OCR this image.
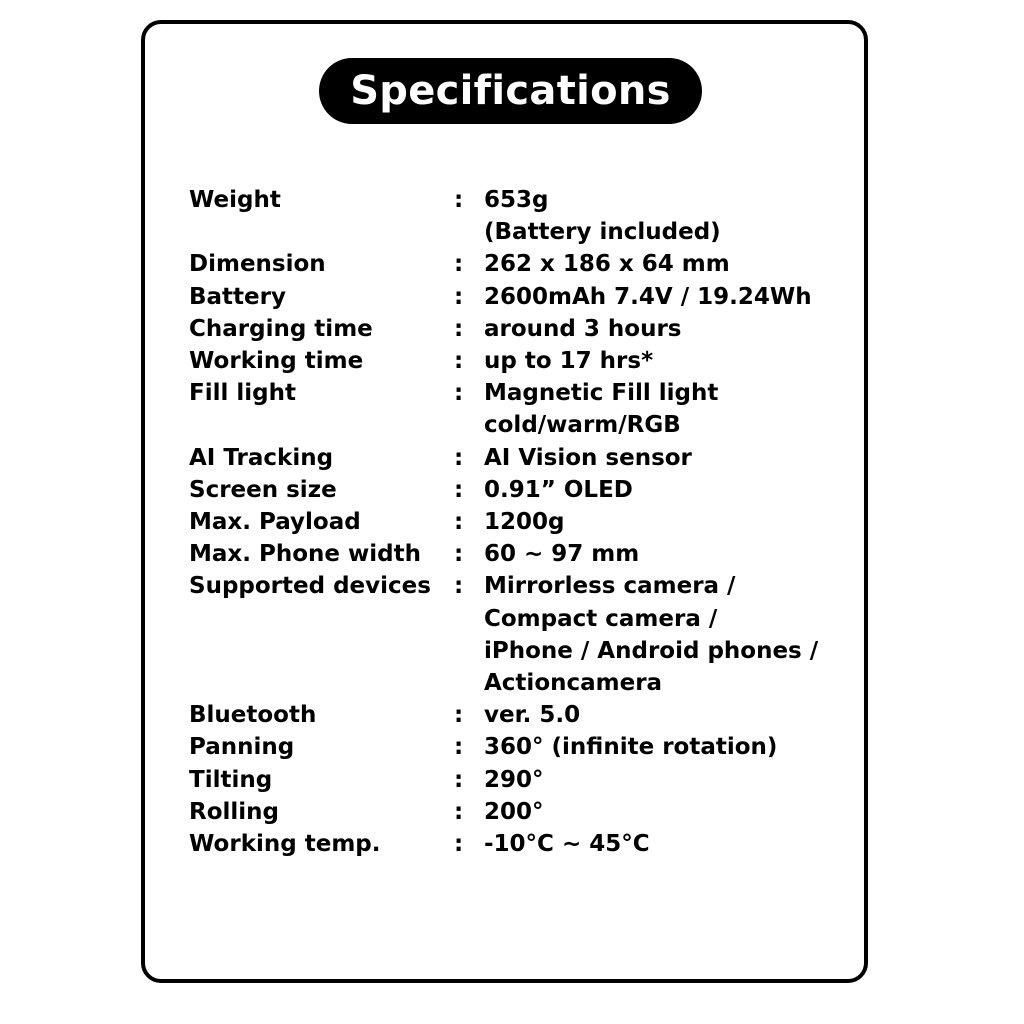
Specifications
Weight	: 653g
(Battery included)
Dimension	: 262 x 186 x 64 mm
Battery	: 2600mAh 7.4V / 19.24Wh
Charging time	: around 3 hours
Working time	: up to 17 hrs*
Fill light	: Magnetic Fill light
cold/warm/RGB
AI Tracking	: AI Vision sensor
Screen size	: 0.91” OLED
Max. Payload	: 1200g
Max. Phone width	: 60 ~ 97 mm
Supported devices	: Mirrorless camera /
Compact camera /
iPhone / Android phones /
Actioncamera
Bluetooth	: ver. 5.0
Panning	: 360° (infinite rotation)
Tilting	: 290°
Rolling	: 200°
Working temp.	: -10°C ~ 45°C
